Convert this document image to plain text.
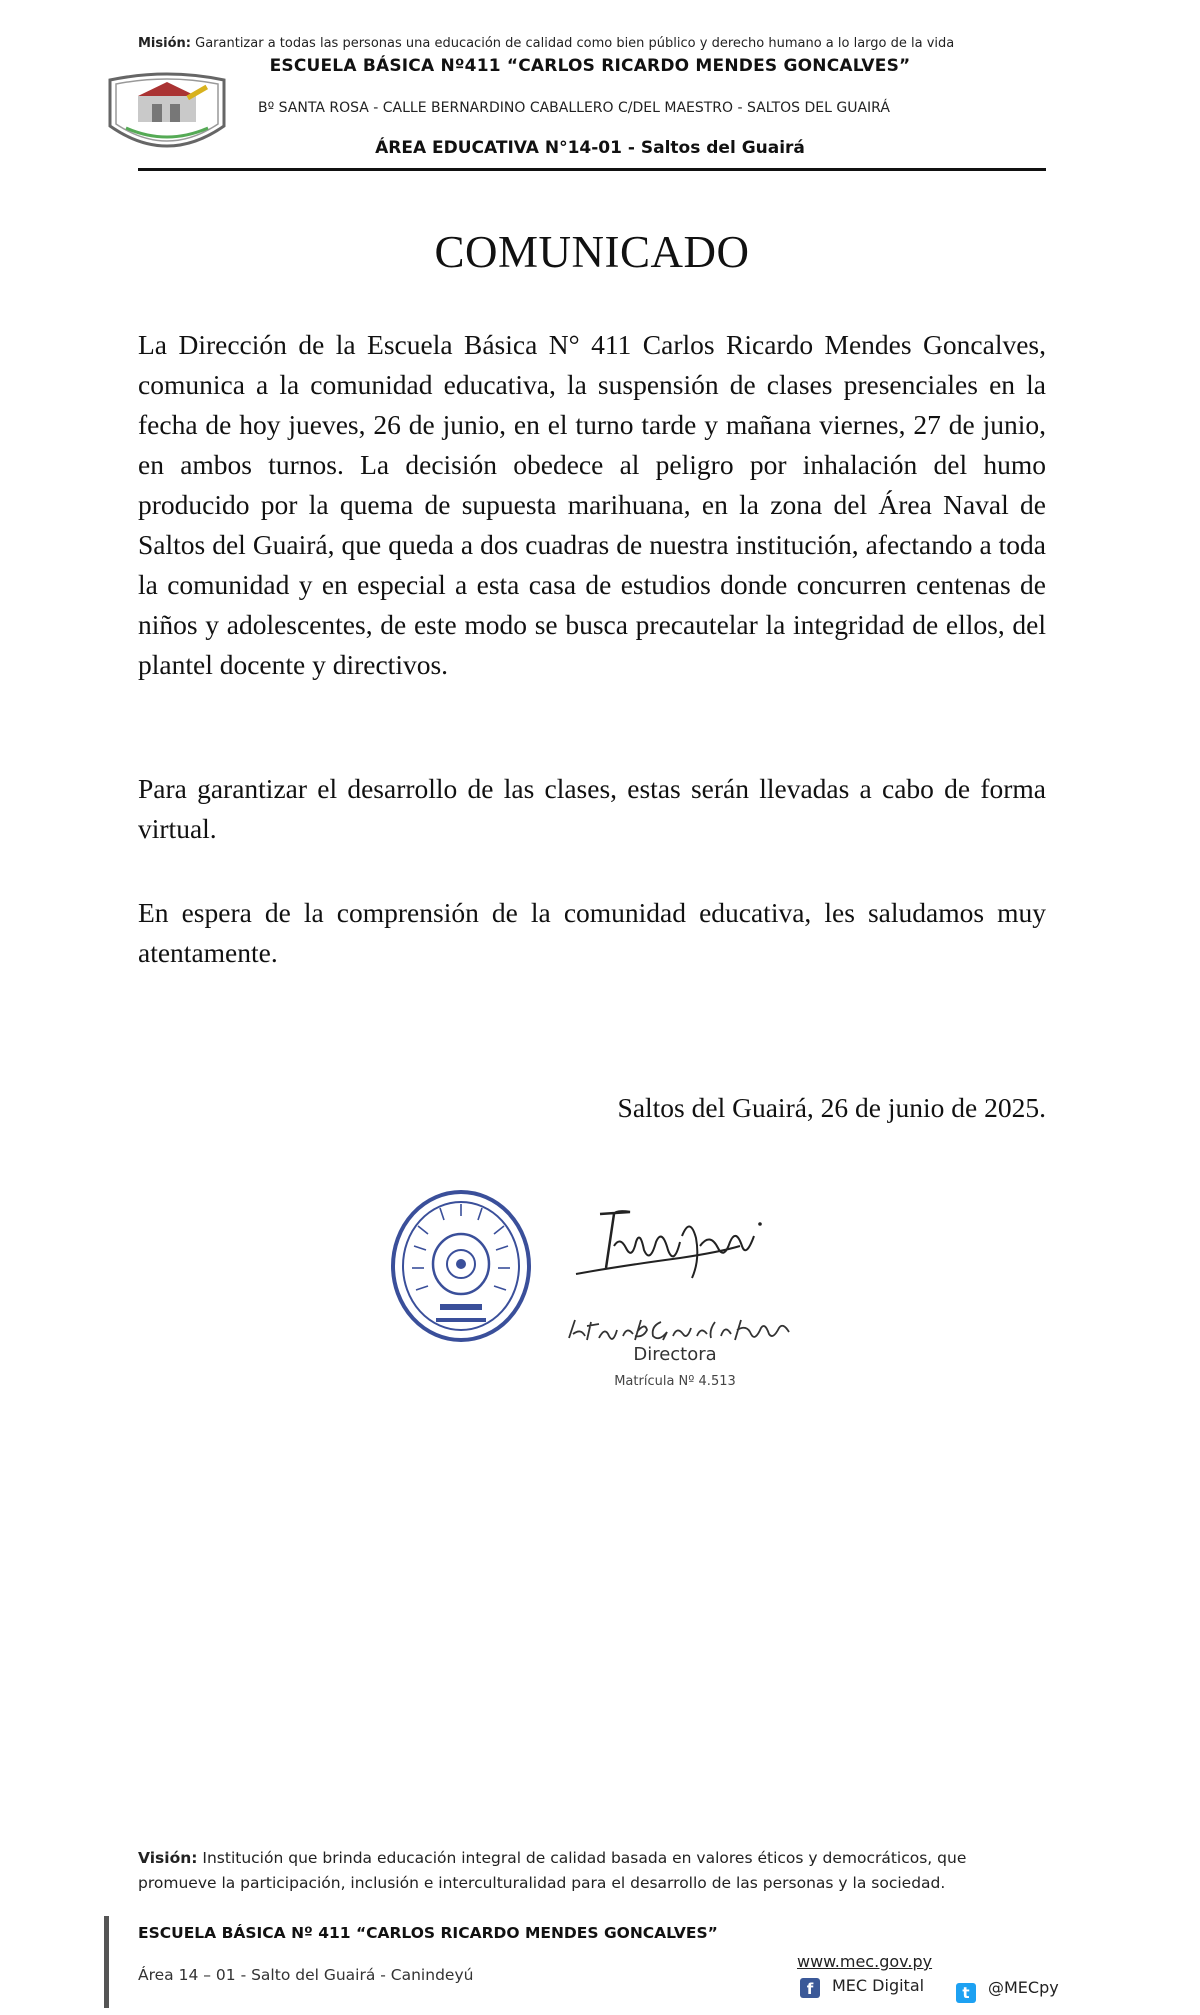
Misión: Garantizar a todas las personas una educación de calidad como bien público y derecho humano a lo largo de la vida
ESCUELA BÁSICA Nº411 “CARLOS RICARDO MENDES GONCALVES”
Bº SANTA ROSA - CALLE BERNARDINO CABALLERO C/DEL MAESTRO - SALTOS DEL GUAIRÁ
ÁREA EDUCATIVA N°14-01 - Saltos del Guairá
COMUNICADO
La Dirección de la Escuela Básica N° 411 Carlos Ricardo Mendes Goncalves, comunica a la comunidad educativa, la suspensión de clases presenciales en la fecha de hoy jueves, 26 de junio, en el turno tarde y mañana viernes, 27 de junio, en ambos turnos. La decisión obedece al peligro por inhalación del humo producido por la quema de supuesta marihuana, en la zona del Área Naval de Saltos del Guairá, que queda a dos cuadras de nuestra institución, afectando a toda la comunidad y en especial a esta casa de estudios donde concurren centenas de niños y adolescentes, de este modo se busca precautelar la integridad de ellos, del plantel docente y directivos.
Para garantizar el desarrollo de las clases, estas serán llevadas a cabo de forma virtual.
En espera de la comprensión de la comunidad educativa, les saludamos muy atentamente.
Saltos del Guairá, 26 de junio de 2025.
Directora
Matrícula Nº 4.513
Visión: Institución que brinda educación integral de calidad basada en valores éticos y democráticos, que promueve la participación, inclusión e interculturalidad para el desarrollo de las personas y la sociedad.
ESCUELA BÁSICA Nº 411 “CARLOS RICARDO MENDES GONCALVES”
Área 14 – 01 - Salto del Guairá - Canindeyú
www.mec.gov.py
f	MEC Digital	t	@MECpy
